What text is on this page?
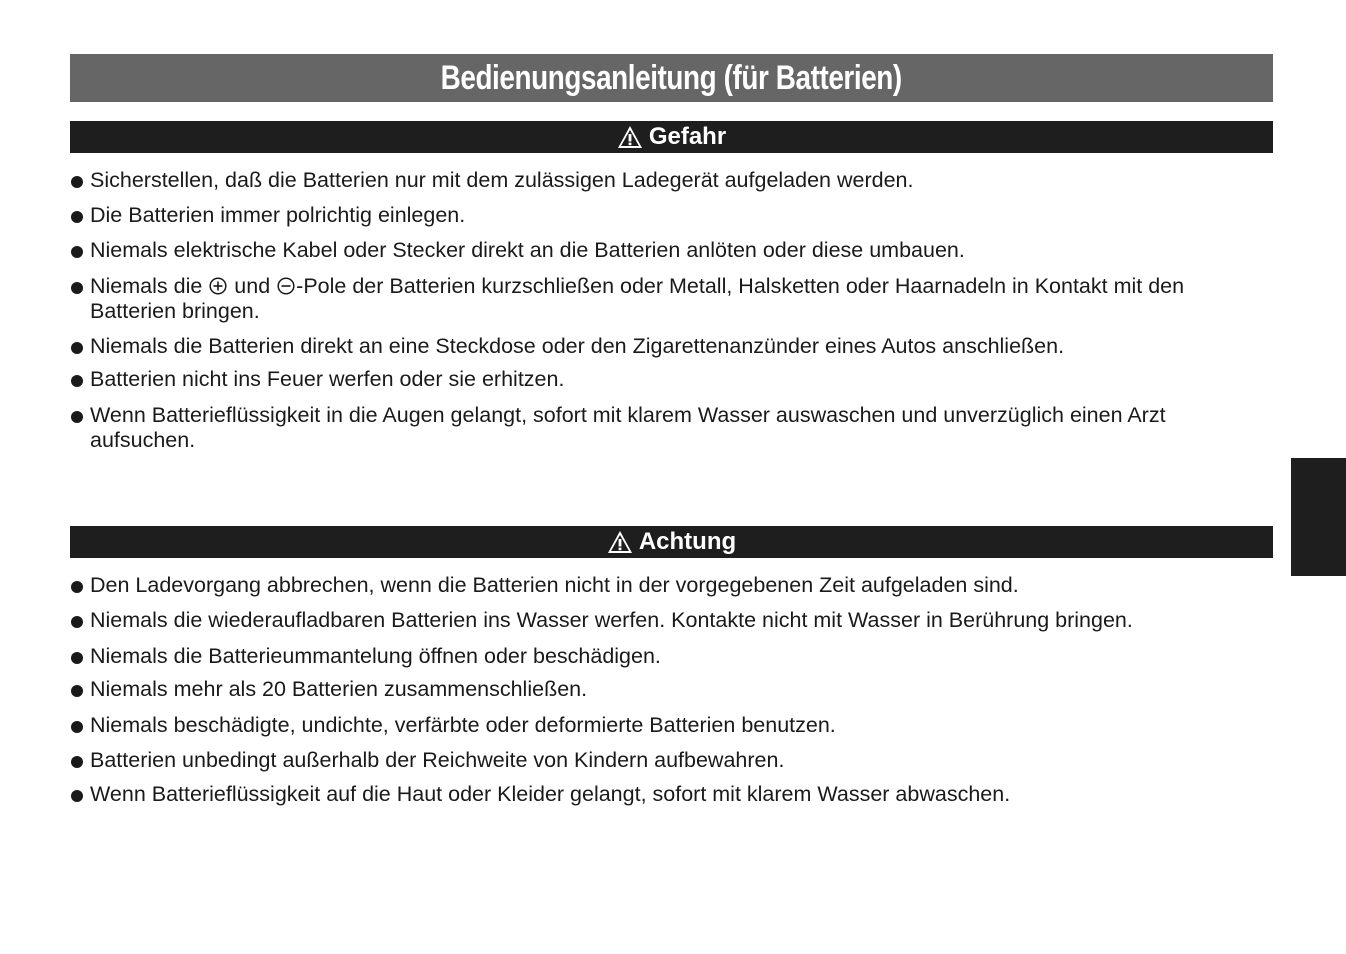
Bedienungsanleitung (für Batterien)
Gefahr
Sicherstellen, daß die Batterien nur mit dem zulässigen Ladegerät aufgeladen werden.
Die Batterien immer polrichtig einlegen.
Niemals elektrische Kabel oder Stecker direkt an die Batterien anlöten oder diese umbauen.
Niemals die und -Pole der Batterien kurzschließen oder Metall, Halsketten oder Haarnadeln in Kontakt mit den Batterien bringen.
Niemals die Batterien direkt an eine Steckdose oder den Zigarettenanzünder eines Autos anschließen.
Batterien nicht ins Feuer werfen oder sie erhitzen.
Wenn Batterieflüssigkeit in die Augen gelangt, sofort mit klarem Wasser auswaschen und unverzüglich einen Arzt aufsuchen.
Achtung
Den Ladevorgang abbrechen, wenn die Batterien nicht in der vorgegebenen Zeit aufgeladen sind.
Niemals die wiederaufladbaren Batterien ins Wasser werfen. Kontakte nicht mit Wasser in Berührung bringen.
Niemals die Batterieummantelung öffnen oder beschädigen.
Niemals mehr als 20 Batterien zusammenschließen.
Niemals beschädigte, undichte, verfärbte oder deformierte Batterien benutzen.
Batterien unbedingt außerhalb der Reichweite von Kindern aufbewahren.
Wenn Batterieflüssigkeit auf die Haut oder Kleider gelangt, sofort mit klarem Wasser abwaschen.
